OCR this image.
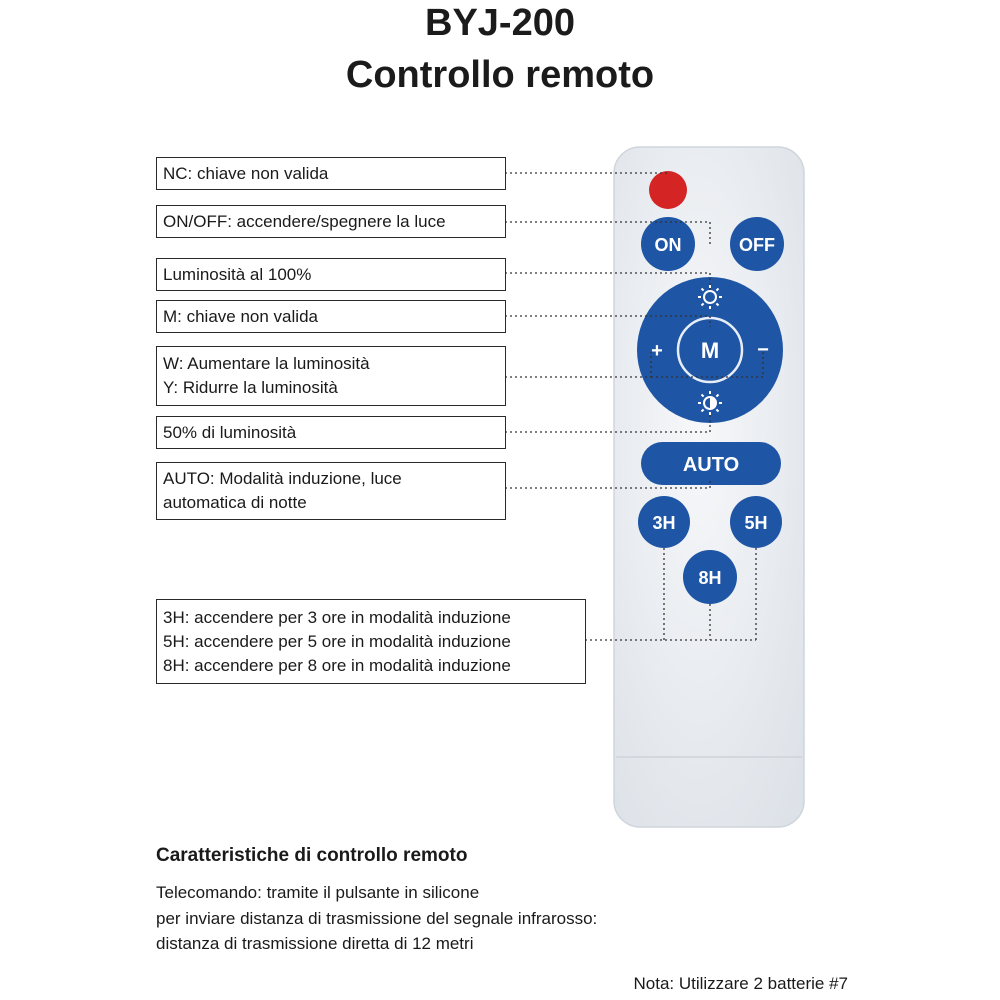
BYJ-200
Controllo remoto
ON	OFF
M
+	−
AUTO
3H	5H
8H
NC: chiave non valida
ON/OFF: accendere/spegnere la luce
Luminosità al 100%
M: chiave non valida
W: Aumentare la luminosità
Y: Ridurre la luminosità
50% di luminosità
AUTO: Modalità induzione, luce
automatica di notte
3H: accendere per 3 ore in modalità induzione
5H: accendere per 5 ore in modalità induzione
8H: accendere per 8 ore in modalità induzione
Caratteristiche di controllo remoto
Telecomando: tramite il pulsante in silicone
per inviare distanza di trasmissione del segnale infrarosso:
distanza di trasmissione diretta di 12 metri
Nota: Utilizzare 2 batterie #7
